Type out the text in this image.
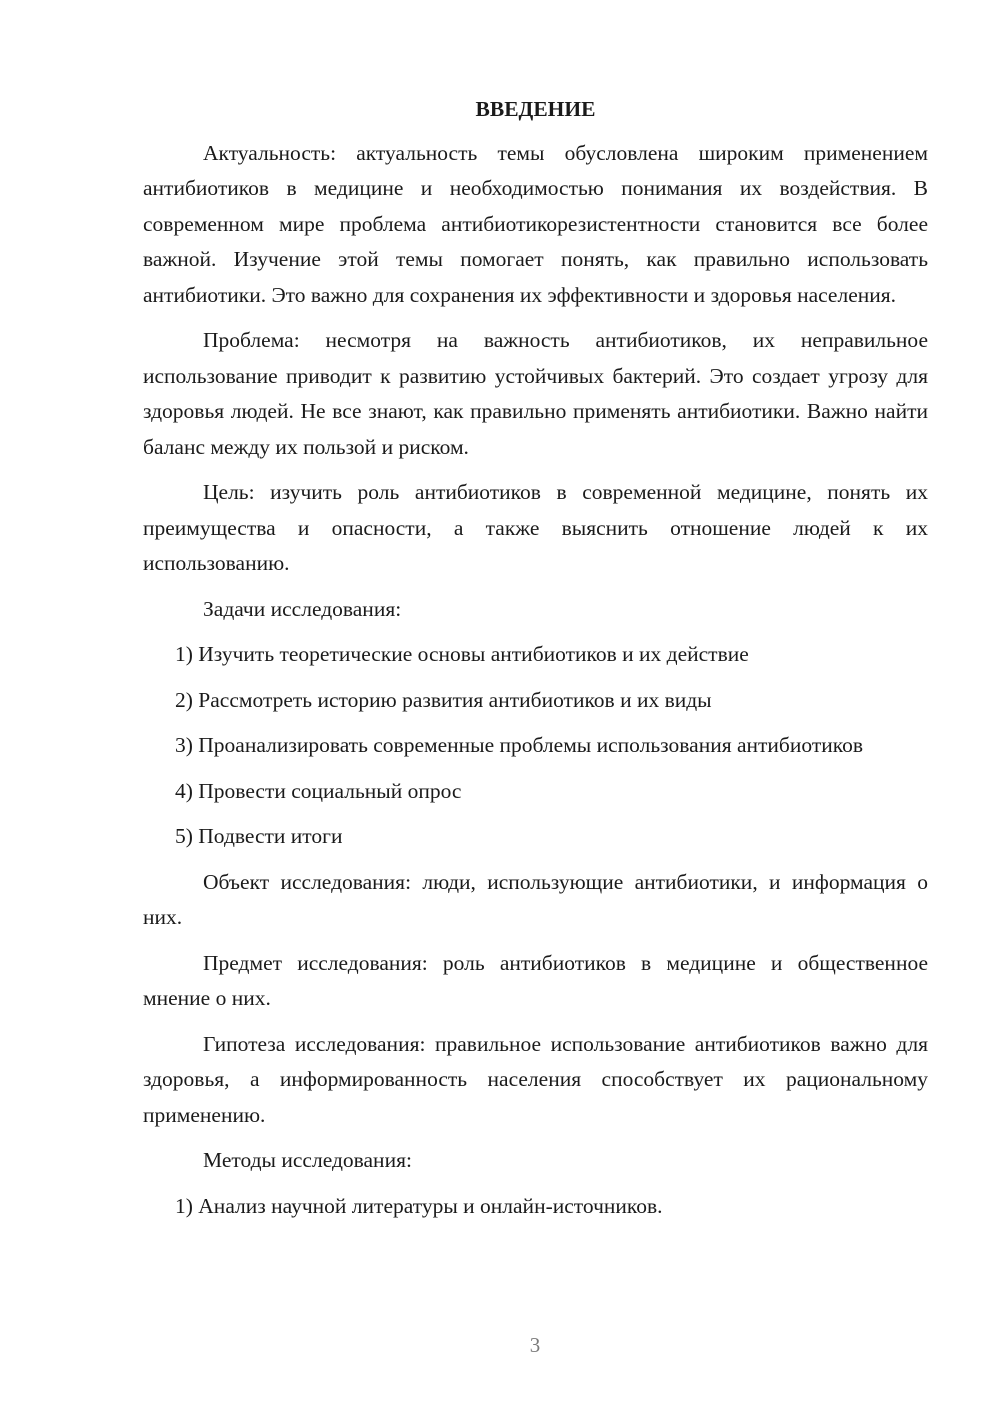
ВВЕДЕНИЕ

Актуальность: актуальность темы обусловлена широким применением антибиотиков в медицине и необходимостью понимания их воздействия. В современном мире проблема антибиотикорезистентности становится все более важной. Изучение этой темы помогает понять, как правильно использовать антибиотики. Это важно для сохранения их эффективности и здоровья населения.

Проблема: несмотря на важность антибиотиков, их неправильное использование приводит к развитию устойчивых бактерий. Это создает угрозу для здоровья людей. Не все знают, как правильно применять антибиотики. Важно найти баланс между их пользой и риском.

Цель: изучить роль антибиотиков в современной медицине, понять их преимущества и опасности, а также выяснить отношение людей к их использованию.

Задачи исследования:

1) Изучить теоретические основы антибиотиков и их действие

2) Рассмотреть историю развития антибиотиков и их виды

3) Проанализировать современные проблемы использования антибиотиков

4) Провести социальный опрос

5) Подвести итоги

Объект исследования: люди, использующие антибиотики, и информация о них.

Предмет исследования: роль антибиотиков в медицине и общественное мнение о них.

Гипотеза исследования: правильное использование антибиотиков важно для здоровья, а информированность населения способствует их рациональному применению.

Методы исследования:

1) Анализ научной литературы и онлайн-источников.

3
